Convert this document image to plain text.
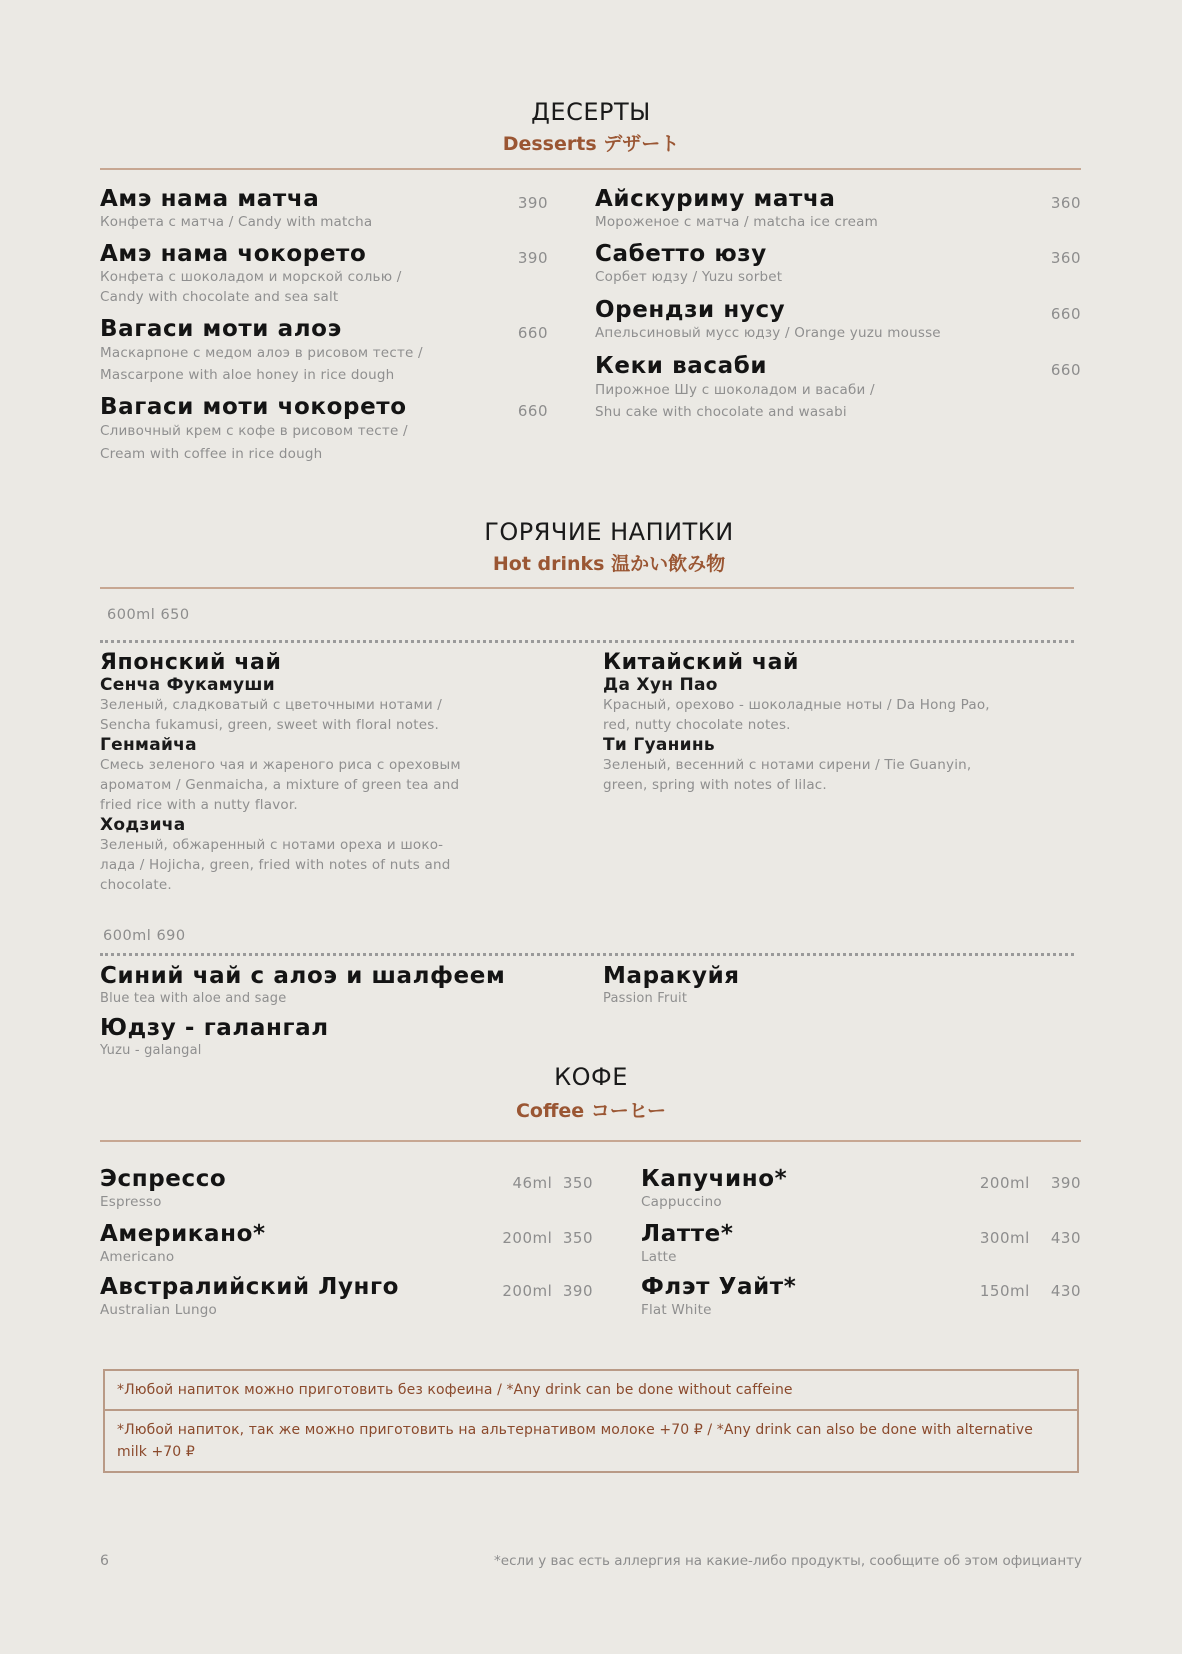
ДЕСЕРТЫ
Desserts デザート
Амэ нама матча	390
Конфета с матча / Candy with matcha
Амэ нама чокорето	390
Конфета с шоколадом и морской солью /
Candy with chocolate and sea salt
Вагаси моти алоэ	660
Маскарпоне с медом алоэ в рисовом тесте /
Mascarpone with aloe honey in rice dough
Вагаси моти чокорето	660
Сливочный крем с кофе в рисовом тесте /
Cream with coffee in rice dough
Айскуриму матча	360
Мороженое с матча / matcha ice cream
Сабетто юзу	360
Сорбет юдзу / Yuzu sorbet
Орендзи нусу	660
Апельсиновый мусс юдзу / Orange yuzu mousse
Кеки васаби	660
Пирожное Шу с шоколадом и васаби /
Shu cake with chocolate and wasabi
ГОРЯЧИЕ НАПИТКИ
Hot drinks 温かい飲み物
600ml 650
Японский чай
Сенча Фукамуши
Зеленый, сладковатый с цветочными нотами /
Sencha fukamusi, green, sweet with floral notes.
Генмайча
Смесь зеленого чая и жареного риса с ореховым
ароматом / Genmaicha, a mixture of green tea and
fried rice with a nutty flavor.
Ходзича
Зеленый, обжаренный с нотами ореха и шоко-
лада / Hojicha, green, fried with notes of nuts and
chocolate.
Китайский чай
Да Хун Пао
Красный, орехово - шоколадные ноты / Da Hong Pao,
red, nutty chocolate notes.
Ти Гуанинь
Зеленый, весенний с нотами сирени / Tie Guanyin,
green, spring with notes of lilac.
600ml 690
Синий чай с алоэ и шалфеем
Blue tea with aloe and sage
Маракуйя
Passion Fruit
Юдзу - галангал
Yuzu - galangal
КОФЕ
Coffee コーヒー
Эспрессо
Espresso
46ml 350
Американо*
Americano
200ml 350
Австралийский Лунго
Australian Lungo
200ml 390
Капучино*
Cappuccino
200ml 390
Латте*
Latte
300ml 430
Флэт Уайт*
Flat White
150ml 430
*Любой напиток можно приготовить без кофеина / *Any drink can be done without caffeine
*Любой напиток, так же можно приготовить на альтернативом молоке +70 ₽ / *Any drink can also be done with alternative milk +70 ₽
6	*если у вас есть аллергия на какие-либо продукты, сообщите об этом официанту
